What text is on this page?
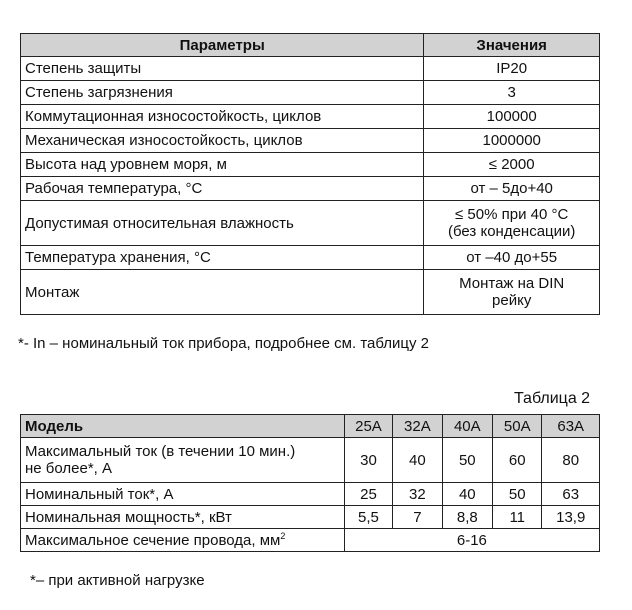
Параметры	Значения
Степень защиты	IP20
Степень загрязнения	3
Коммутационная износостойкость, циклов	100000
Механическая износостойкость, циклов	1000000
Высота над уровнем моря, м	≤ 2000
Рабочая температура, °C	от – 5до+40
Допустимая относительная влажность	≤ 50% при 40 °C
(без конденсации)

Температура хранения, °C	от –40 до+55
Монтаж	Монтаж на DIN
рейку
*- In – номинальный ток прибора, подробнее см. таблицу 2
Таблица 2
Модель	25A	32A	40A	50A	63A

Максимальный ток (в течении 10 мин.)
не более*, А	30	40	50	60	80
Номинальный ток*, А	25	32	40	50	63
Номинальная мощность*, кВт	5,5	7	8,8	11	13,9
Максимальное сечение провода, $мм^2$	6-16				
*– при активной нагрузке
